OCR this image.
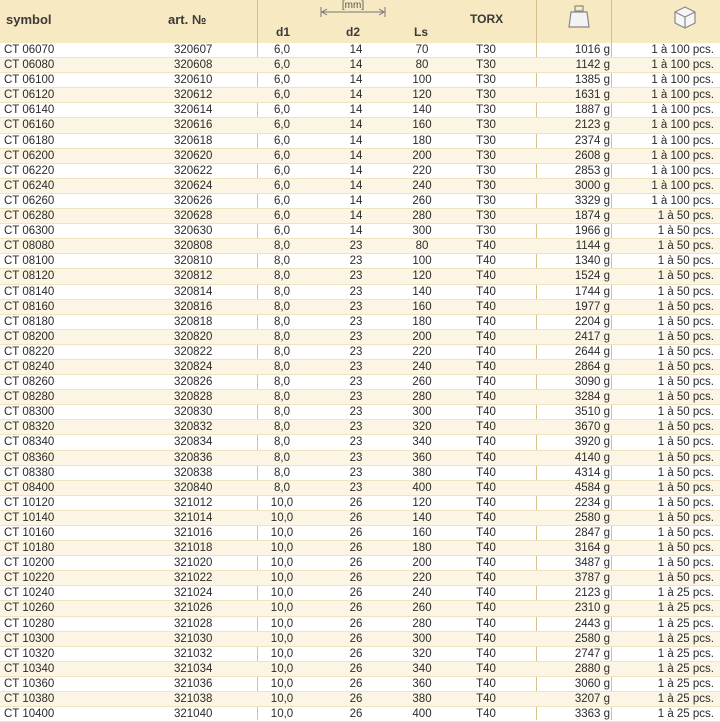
symbol	art. №
[mm]
d1	d2	Ls
TORX
CT 06070	320607	6,0	14	70	T30	1016 g	1 à 100 pcs.
CT 06080	320608	6,0	14	80	T30	1142 g	1 à 100 pcs.
CT 06100	320610	6,0	14	100	T30	1385 g	1 à 100 pcs.
CT 06120	320612	6,0	14	120	T30	1631 g	1 à 100 pcs.
CT 06140	320614	6,0	14	140	T30	1887 g	1 à 100 pcs.
CT 06160	320616	6,0	14	160	T30	2123 g	1 à 100 pcs.
CT 06180	320618	6,0	14	180	T30	2374 g	1 à 100 pcs.
CT 06200	320620	6,0	14	200	T30	2608 g	1 à 100 pcs.
CT 06220	320622	6,0	14	220	T30	2853 g	1 à 100 pcs.
CT 06240	320624	6,0	14	240	T30	3000 g	1 à 100 pcs.
CT 06260	320626	6,0	14	260	T30	3329 g	1 à 100 pcs.
CT 06280	320628	6,0	14	280	T30	1874 g	1 à 50 pcs.
CT 06300	320630	6,0	14	300	T30	1966 g	1 à 50 pcs.
CT 08080	320808	8,0	23	80	T40	1144 g	1 à 50 pcs.
CT 08100	320810	8,0	23	100	T40	1340 g	1 à 50 pcs.
CT 08120	320812	8,0	23	120	T40	1524 g	1 à 50 pcs.
CT 08140	320814	8,0	23	140	T40	1744 g	1 à 50 pcs.
CT 08160	320816	8,0	23	160	T40	1977 g	1 à 50 pcs.
CT 08180	320818	8,0	23	180	T40	2204 g	1 à 50 pcs.
CT 08200	320820	8,0	23	200	T40	2417 g	1 à 50 pcs.
CT 08220	320822	8,0	23	220	T40	2644 g	1 à 50 pcs.
CT 08240	320824	8,0	23	240	T40	2864 g	1 à 50 pcs.
CT 08260	320826	8,0	23	260	T40	3090 g	1 à 50 pcs.
CT 08280	320828	8,0	23	280	T40	3284 g	1 à 50 pcs.
CT 08300	320830	8,0	23	300	T40	3510 g	1 à 50 pcs.
CT 08320	320832	8,0	23	320	T40	3670 g	1 à 50 pcs.
CT 08340	320834	8,0	23	340	T40	3920 g	1 à 50 pcs.
CT 08360	320836	8,0	23	360	T40	4140 g	1 à 50 pcs.
CT 08380	320838	8,0	23	380	T40	4314 g	1 à 50 pcs.
CT 08400	320840	8,0	23	400	T40	4584 g	1 à 50 pcs.
CT 10120	321012	10,0	26	120	T40	2234 g	1 à 50 pcs.
CT 10140	321014	10,0	26	140	T40	2580 g	1 à 50 pcs.
CT 10160	321016	10,0	26	160	T40	2847 g	1 à 50 pcs.
CT 10180	321018	10,0	26	180	T40	3164 g	1 à 50 pcs.
CT 10200	321020	10,0	26	200	T40	3487 g	1 à 50 pcs.
CT 10220	321022	10,0	26	220	T40	3787 g	1 à 50 pcs.
CT 10240	321024	10,0	26	240	T40	2123 g	1 à 25 pcs.
CT 10260	321026	10,0	26	260	T40	2310 g	1 à 25 pcs.
CT 10280	321028	10,0	26	280	T40	2443 g	1 à 25 pcs.
CT 10300	321030	10,0	26	300	T40	2580 g	1 à 25 pcs.
CT 10320	321032	10,0	26	320	T40	2747 g	1 à 25 pcs.
CT 10340	321034	10,0	26	340	T40	2880 g	1 à 25 pcs.
CT 10360	321036	10,0	26	360	T40	3060 g	1 à 25 pcs.
CT 10380	321038	10,0	26	380	T40	3207 g	1 à 25 pcs.
CT 10400	321040	10,0	26	400	T40	3363 g	1 à 25 pcs.
